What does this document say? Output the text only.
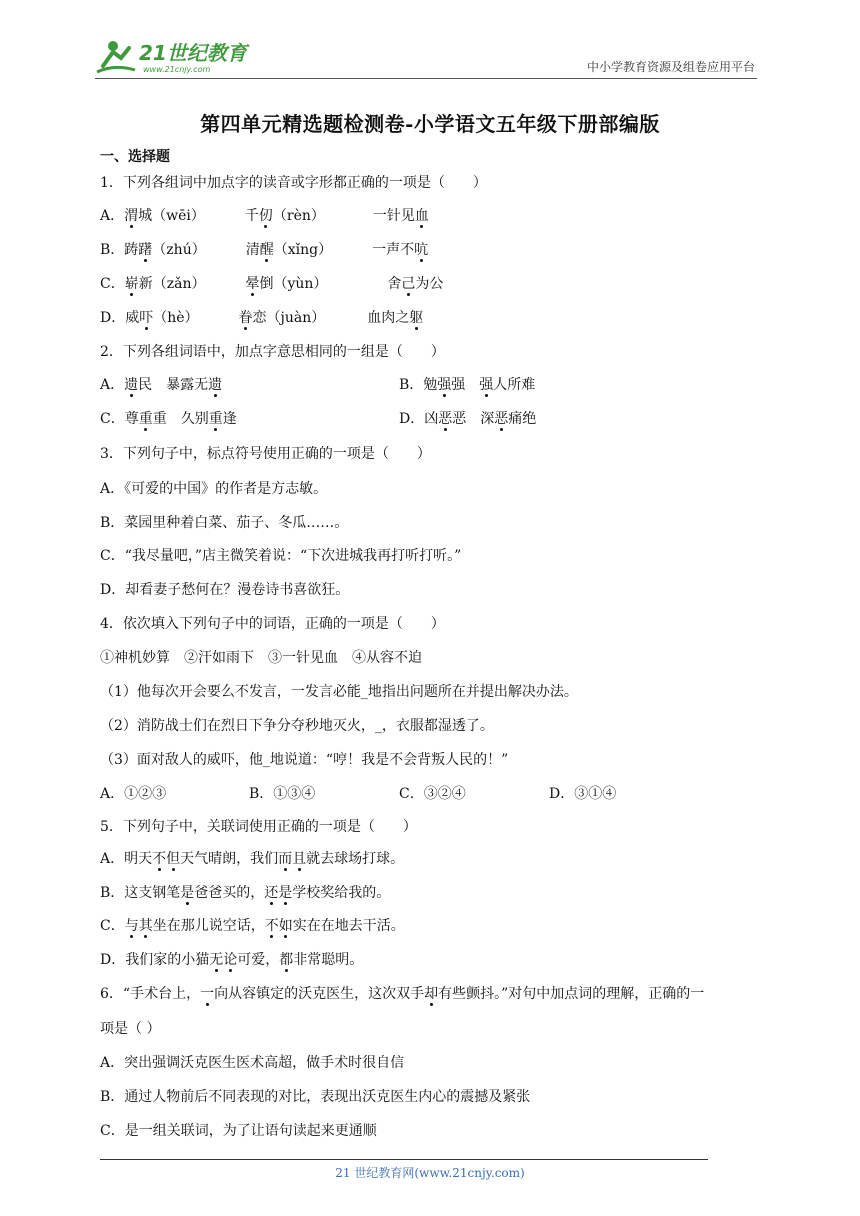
21世纪教育
www.21cnjy.com	中小学教育资源及组卷应用平台
第四单元精选题检测卷-小学语文五年级下册部编版
一、选择题
1．下列各组词中加点字的读音或字形都正确的一项是（　　）
A．渭城（wēi）	千仞（rèn）	一针见血
B．踌躇（zhú）	清醒（xǐng）	一声不吭
C．崭新（zǎn）	晕倒（yùn）	舍己为公
D．威吓（hè）	眷恋（juàn）	血肉之躯
2．下列各组词语中，加点字意思相同的一组是（　　）
A．遗民　暴露无遗	B．勉强强　强人所难
C．尊重重　久别重逢	D．凶恶恶　深恶痛绝
3．下列句子中，标点符号使用正确的一项是（　　）
A．《可爱的中国》的作者是方志敏。
B．菜园里种着白菜、茄子、冬瓜……。
C．“我尽量吧，”店主微笑着说：“下次进城我再打听打听。”
D．却看妻子愁何在？漫卷诗书喜欲狂。
4．依次填入下列句子中的词语，正确的一项是（　　）
①神机妙算　②汗如雨下　③一针见血　④从容不迫
（1）他每次开会要么不发言，一发言必能_地指出问题所在并提出解决办法。
（2）消防战士们在烈日下争分夺秒地灭火，_，衣服都湿透了。
（3）面对敌人的威吓，他_地说道：“哼！我是不会背叛人民的！”
A．①②③	B．①③④	C．③②④	D．③①④
5．下列句子中，关联词使用正确的一项是（　　）
A．明天不但天气晴朗，我们而且就去球场打球。
B．这支钢笔是爸爸买的，还是学校奖给我的。
C．与其坐在那儿说空话，不如实在在地去干活。
D．我们家的小猫无论可爱，都非常聪明。
6．“手术台上，一向从容镇定的沃克医生，这次双手却有些颤抖。”对句中加点词的理解，正确的一
项是（ ）
A．突出强调沃克医生医术高超，做手术时很自信
B．通过人物前后不同表现的对比，表现出沃克医生内心的震撼及紧张
C．是一组关联词，为了让语句读起来更通顺
21 世纪教育网(www.21cnjy.com)
